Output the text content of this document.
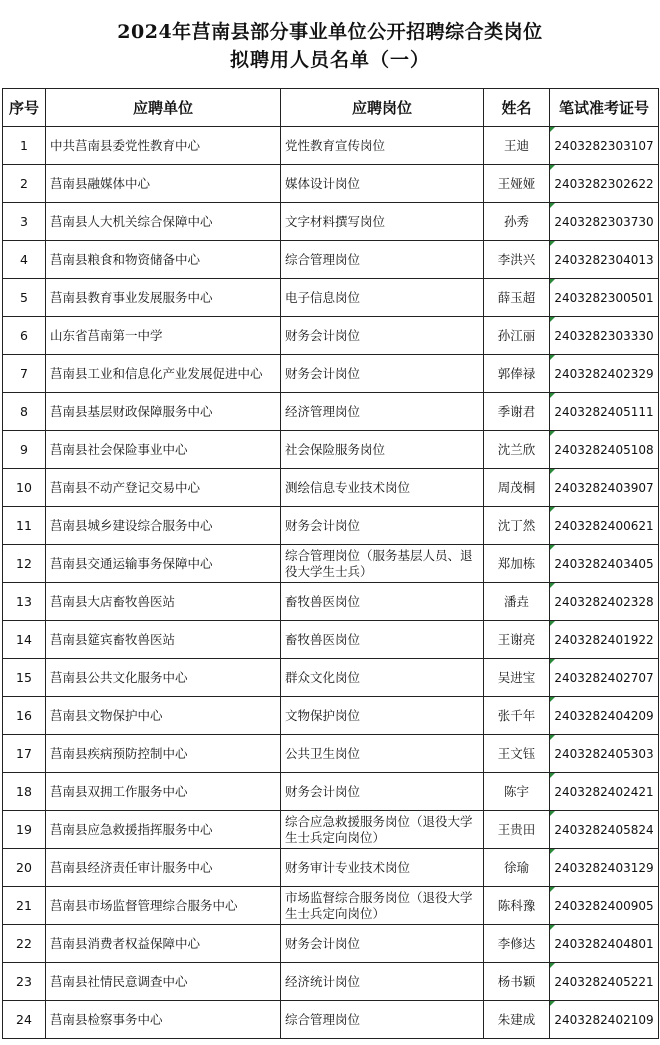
2024年莒南县部分事业单位公开招聘综合类岗位
拟聘用人员名单（一）
序号	应聘单位	应聘岗位	姓名	笔试准考证号
1	中共莒南县委党性教育中心	党性教育宣传岗位	王迪	2403282303107
2	莒南县融媒体中心	媒体设计岗位	王娅娅	2403282302622
3	莒南县人大机关综合保障中心	文字材料撰写岗位	孙秀	2403282303730
4	莒南县粮食和物资储备中心	综合管理岗位	李洪兴	2403282304013
5	莒南县教育事业发展服务中心	电子信息岗位	薛玉超	2403282300501
6	山东省莒南第一中学	财务会计岗位	孙江丽	2403282303330
7	莒南县工业和信息化产业发展促进中心	财务会计岗位	郭俸禄	2403282402329
8	莒南县基层财政保障服务中心	经济管理岗位	季谢君	2403282405111
9	莒南县社会保险事业中心	社会保险服务岗位	沈兰欣	2403282405108
10	莒南县不动产登记交易中心	测绘信息专业技术岗位	周茂桐	2403282403907
11	莒南县城乡建设综合服务中心	财务会计岗位	沈丁然	2403282400621
12	莒南县交通运输事务保障中心	综合管理岗位（服务基层人员、退役大学生士兵）	郑加栋	2403282403405
13	莒南县大店畜牧兽医站	畜牧兽医岗位	潘垚	2403282402328
14	莒南县筵宾畜牧兽医站	畜牧兽医岗位	王谢亮	2403282401922
15	莒南县公共文化服务中心	群众文化岗位	吴进宝	2403282402707
16	莒南县文物保护中心	文物保护岗位	张千年	2403282404209
17	莒南县疾病预防控制中心	公共卫生岗位	王文钰	2403282405303
18	莒南县双拥工作服务中心	财务会计岗位	陈宇	2403282402421
19	莒南县应急救援指挥服务中心	综合应急救援服务岗位（退役大学生士兵定向岗位）	王贵田	2403282405824
20	莒南县经济责任审计服务中心	财务审计专业技术岗位	徐瑜	2403282403129
21	莒南县市场监督管理综合服务中心	市场监督综合服务岗位（退役大学生士兵定向岗位）	陈科豫	2403282400905
22	莒南县消费者权益保障中心	财务会计岗位	李修达	2403282404801
23	莒南县社情民意调查中心	经济统计岗位	杨书颖	2403282405221
24	莒南县检察事务中心	综合管理岗位	朱建成	2403282402109
